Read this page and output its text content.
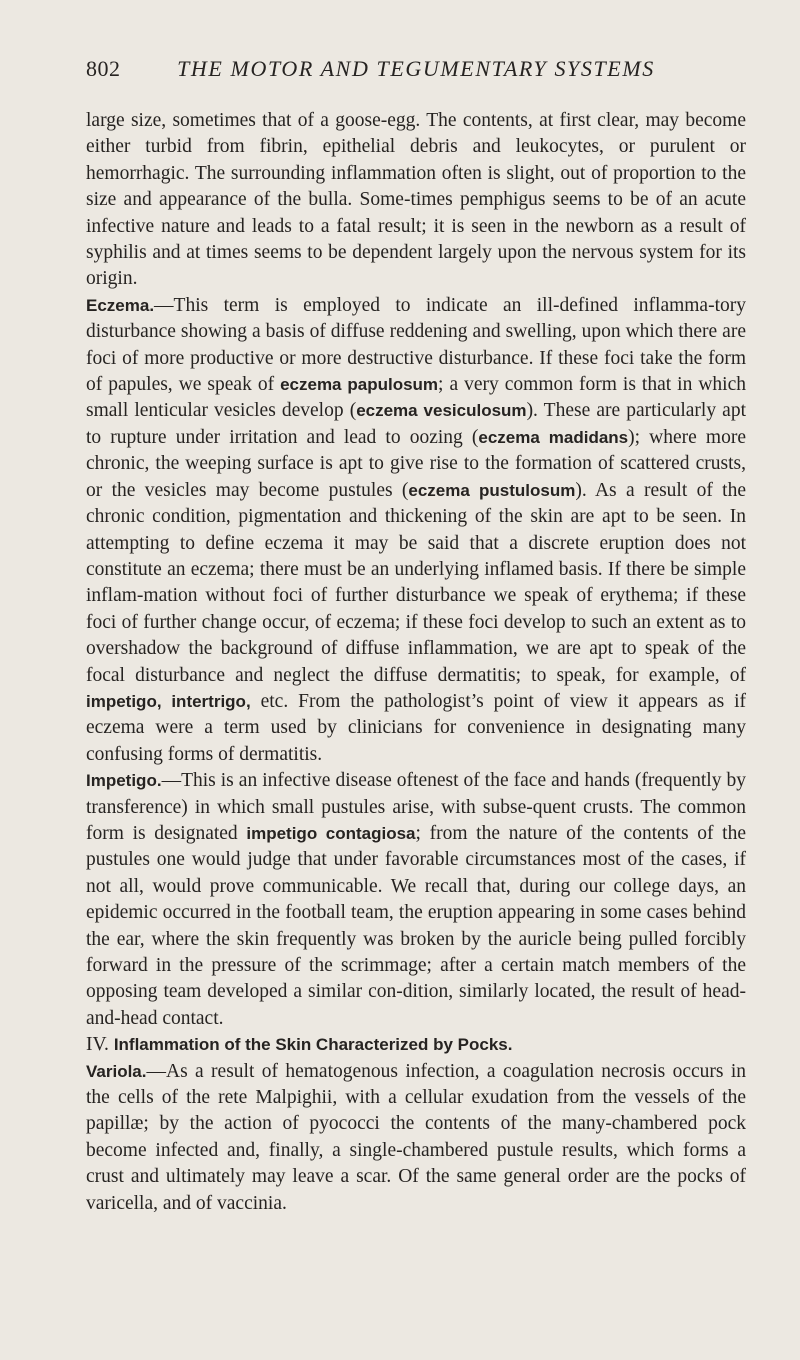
802	THE MOTOR AND TEGUMENTARY SYSTEMS

large size, sometimes that of a goose-egg. The contents, at first clear, may become either turbid from fibrin, epithelial debris and leukocytes, or purulent or hemorrhagic. The surrounding inflammation often is slight, out of proportion to the size and appearance of the bulla. Some-times pemphigus seems to be of an acute infective nature and leads to a fatal result; it is seen in the newborn as a result of syphilis and at times seems to be dependent largely upon the nervous system for its origin.

Eczema.—This term is employed to indicate an ill-defined inflamma-tory disturbance showing a basis of diffuse reddening and swelling, upon which there are foci of more productive or more destructive disturbance. If these foci take the form of papules, we speak of eczema papulosum; a very common form is that in which small lenticular vesicles develop (eczema vesiculosum). These are particularly apt to rupture under irritation and lead to oozing (eczema madidans); where more chronic, the weeping surface is apt to give rise to the formation of scattered crusts, or the vesicles may become pustules (eczema pustulosum). As a result of the chronic condition, pigmentation and thickening of the skin are apt to be seen. In attempting to define eczema it may be said that a discrete eruption does not constitute an eczema; there must be an underlying inflamed basis. If there be simple inflam-mation without foci of further disturbance we speak of erythema; if these foci of further change occur, of eczema; if these foci develop to such an extent as to overshadow the background of diffuse inflammation, we are apt to speak of the focal disturbance and neglect the diffuse dermatitis; to speak, for example, of impetigo, intertrigo, etc. From the pathologist’s point of view it appears as if eczema were a term used by clinicians for convenience in designating many confusing forms of dermatitis.

Impetigo.—This is an infective disease oftenest of the face and hands (frequently by transference) in which small pustules arise, with subse-quent crusts. The common form is designated impetigo contagiosa; from the nature of the contents of the pustules one would judge that under favorable circumstances most of the cases, if not all, would prove communicable. We recall that, during our college days, an epidemic occurred in the football team, the eruption appearing in some cases behind the ear, where the skin frequently was broken by the auricle being pulled forcibly forward in the pressure of the scrimmage; after a certain match members of the opposing team developed a similar con-dition, similarly located, the result of head-and-head contact.

IV. Inflammation of the Skin Characterized by Pocks.

Variola.—As a result of hematogenous infection, a coagulation necrosis occurs in the cells of the rete Malpighii, with a cellular exudation from the vessels of the papillæ; by the action of pyococci the contents of the many-chambered pock become infected and, finally, a single-chambered pustule results, which forms a crust and ultimately may leave a scar. Of the same general order are the pocks of varicella, and of vaccinia.
